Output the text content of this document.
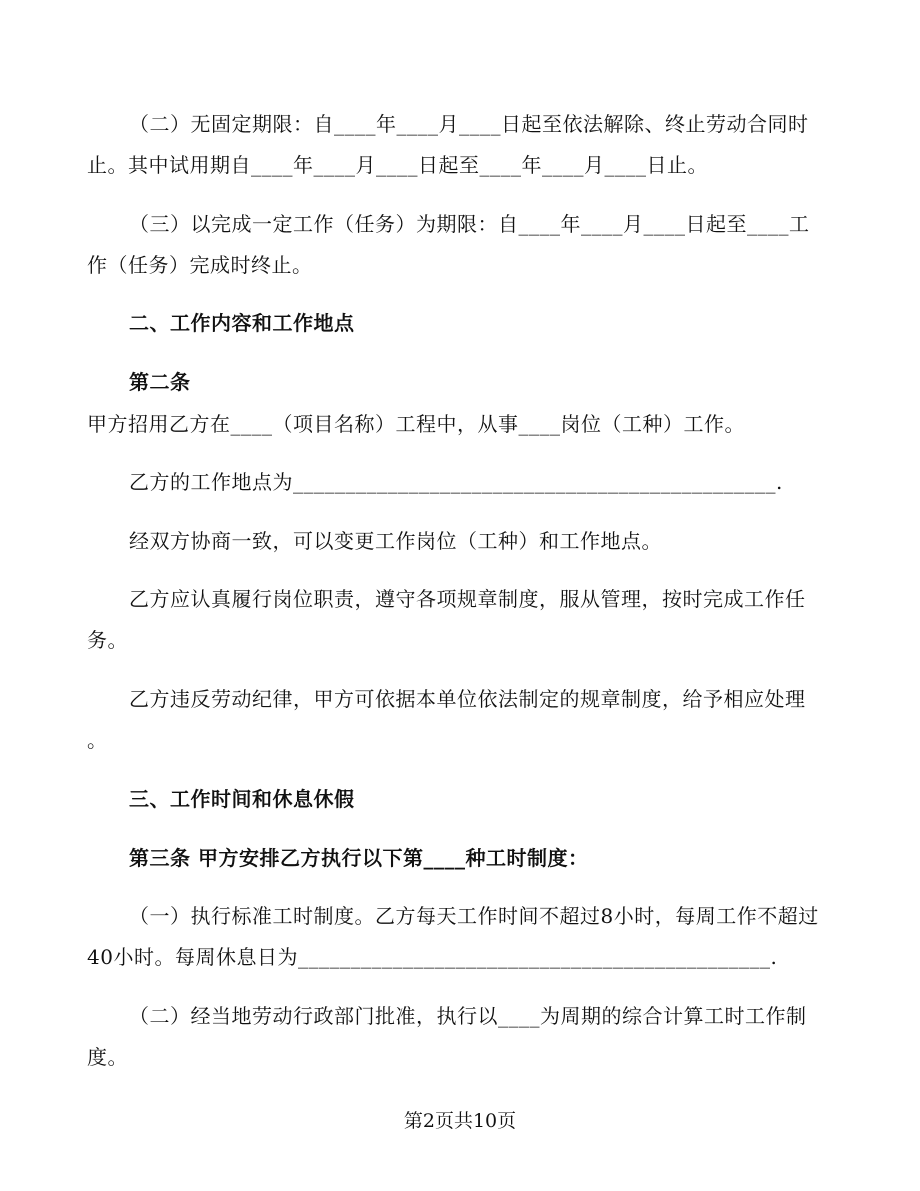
（二）无固定期限：自____年____月____日起至依法解除、终止劳动合同时
止。其中试用期自____年____月____日起至____年____月____日止。
（三）以完成一定工作（任务）为期限：自____年____月____日起至____工
作（任务）完成时终止。
二、工作内容和工作地点
第二条
甲方招用乙方在____（项目名称）工程中，从事____岗位（工种）工作。
乙方的工作地点为______________________________________________.
经双方协商一致，可以变更工作岗位（工种）和工作地点。
乙方应认真履行岗位职责，遵守各项规章制度，服从管理，按时完成工作任
务。
乙方违反劳动纪律，甲方可依据本单位依法制定的规章制度，给予相应处理
。
三、工作时间和休息休假
第三条 甲方安排乙方执行以下第____种工时制度：
（一）执行标准工时制度。乙方每天工作时间不超过8小时，每周工作不超过
40小时。每周休息日为_____________________________________________.
（二）经当地劳动行政部门批准，执行以____为周期的综合计算工时工作制
度。
第2页共10页
